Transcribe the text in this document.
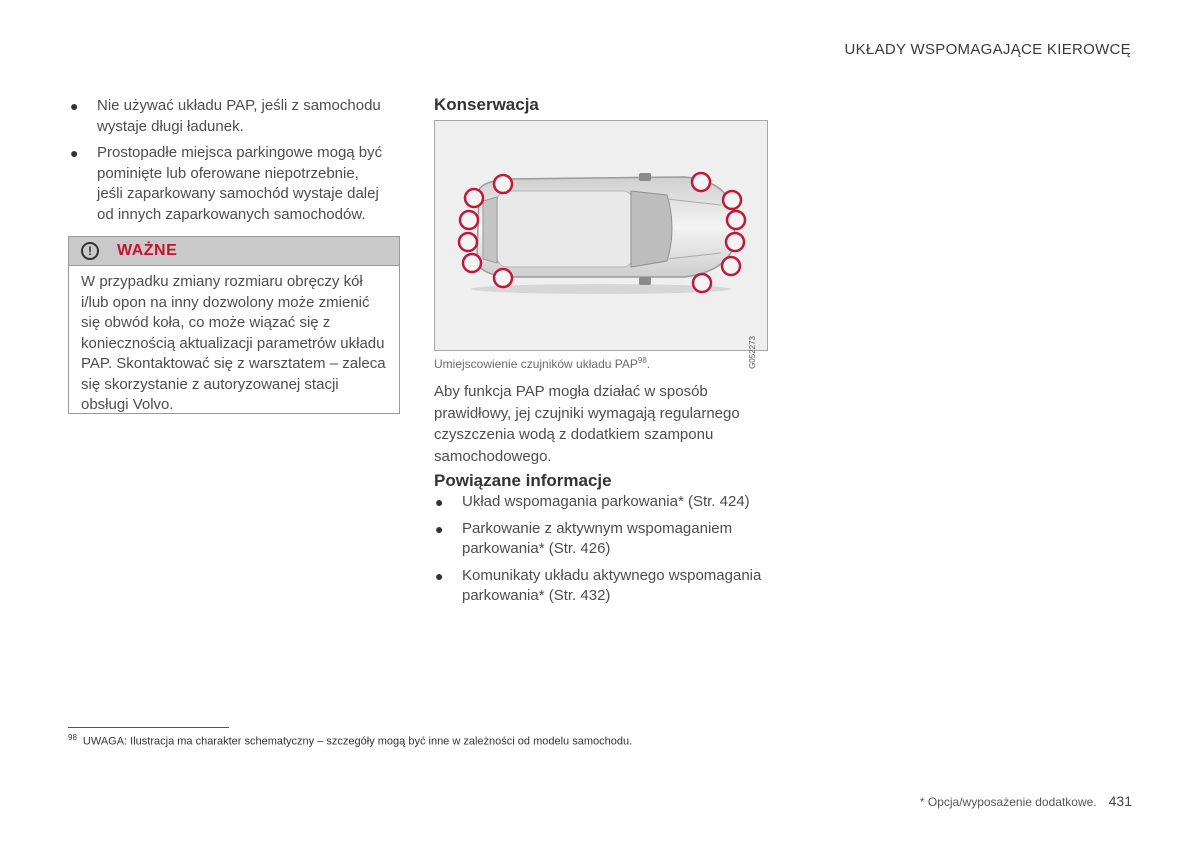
UKŁADY WSPOMAGAJĄCE KIEROWCĘ
● Nie używać układu PAP, jeśli z samochodu wystaje długi ładunek.
● Prostopadłe miejsca parkingowe mogą być pominięte lub oferowane niepotrzebnie, jeśli zaparkowany samochód wystaje dalej od innych zaparkowanych samochodów.
!	WAŻNE
W przypadku zmiany rozmiaru obręczy kół i/lub opon na inny dozwolony może zmienić się obwód koła, co może wiązać się z koniecznością aktualizacji parametrów układu PAP. Skontaktować się z warsztatem – zaleca się skorzystanie z autoryzowanej stacji obsługi Volvo.
Konserwacja
G052273
Umiejscowienie czujników układu PAP$^{98}$.
Aby funkcja PAP mogła działać w sposób prawidłowy, jej czujniki wymagają regularnego czyszczenia wodą z dodatkiem szamponu samochodowego.
Powiązane informacje
● Układ wspomagania parkowania* (Str. 424)
● Parkowanie z aktywnym wspomaganiem parkowania* (Str. 426)
● Komunikaty układu aktywnego wspomagania parkowania* (Str. 432)
$^{98}$ UWAGA: Ilustracja ma charakter schematyczny – szczegóły mogą być inne w zależności od modelu samochodu.
* Opcja/wyposażenie dodatkowe. 431
